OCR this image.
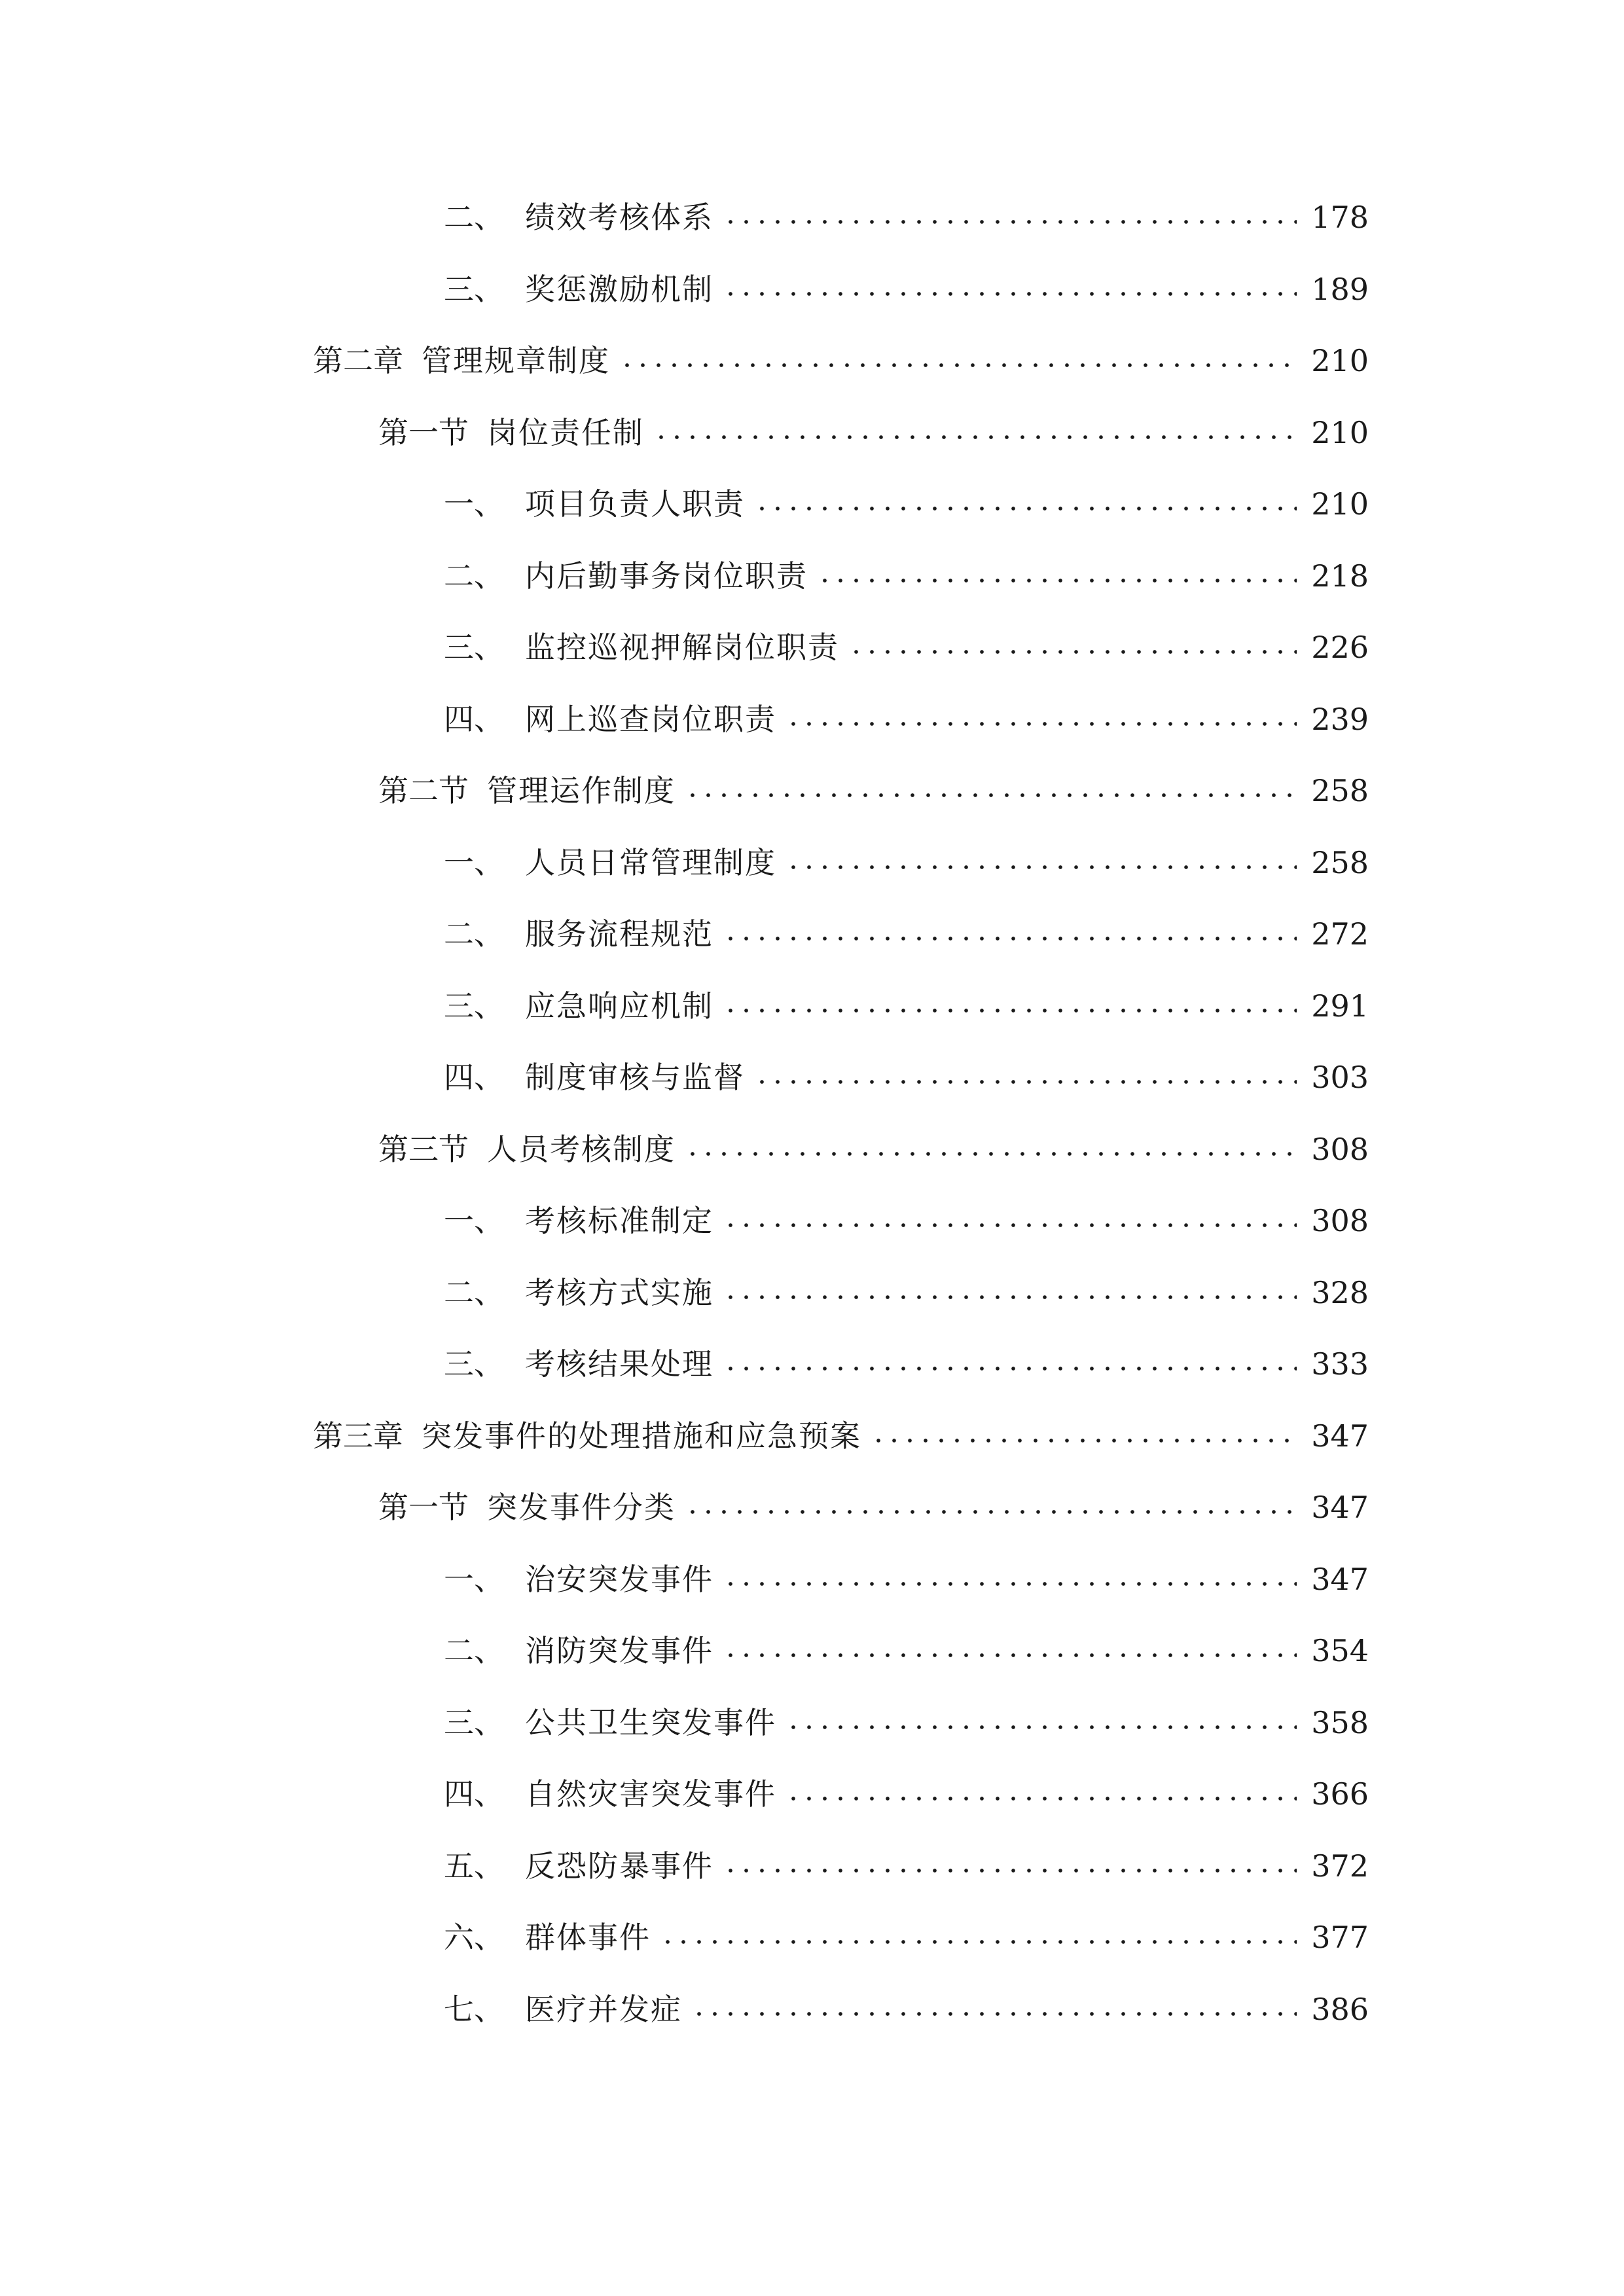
二、 绩效考核体系	178
三、 奖惩激励机制	189
第二章 管理规章制度	210
第一节 岗位责任制	210
一、 项目负责人职责	210
二、 内后勤事务岗位职责	218
三、 监控巡视押解岗位职责	226
四、 网上巡查岗位职责	239
第二节 管理运作制度	258
一、 人员日常管理制度	258
二、 服务流程规范	272
三、 应急响应机制	291
四、 制度审核与监督	303
第三节 人员考核制度	308
一、 考核标准制定	308
二、 考核方式实施	328
三、 考核结果处理	333
第三章 突发事件的处理措施和应急预案	347
第一节 突发事件分类	347
一、 治安突发事件	347
二、 消防突发事件	354
三、 公共卫生突发事件	358
四、 自然灾害突发事件	366
五、 反恐防暴事件	372
六、 群体事件	377
七、 医疗并发症	386
